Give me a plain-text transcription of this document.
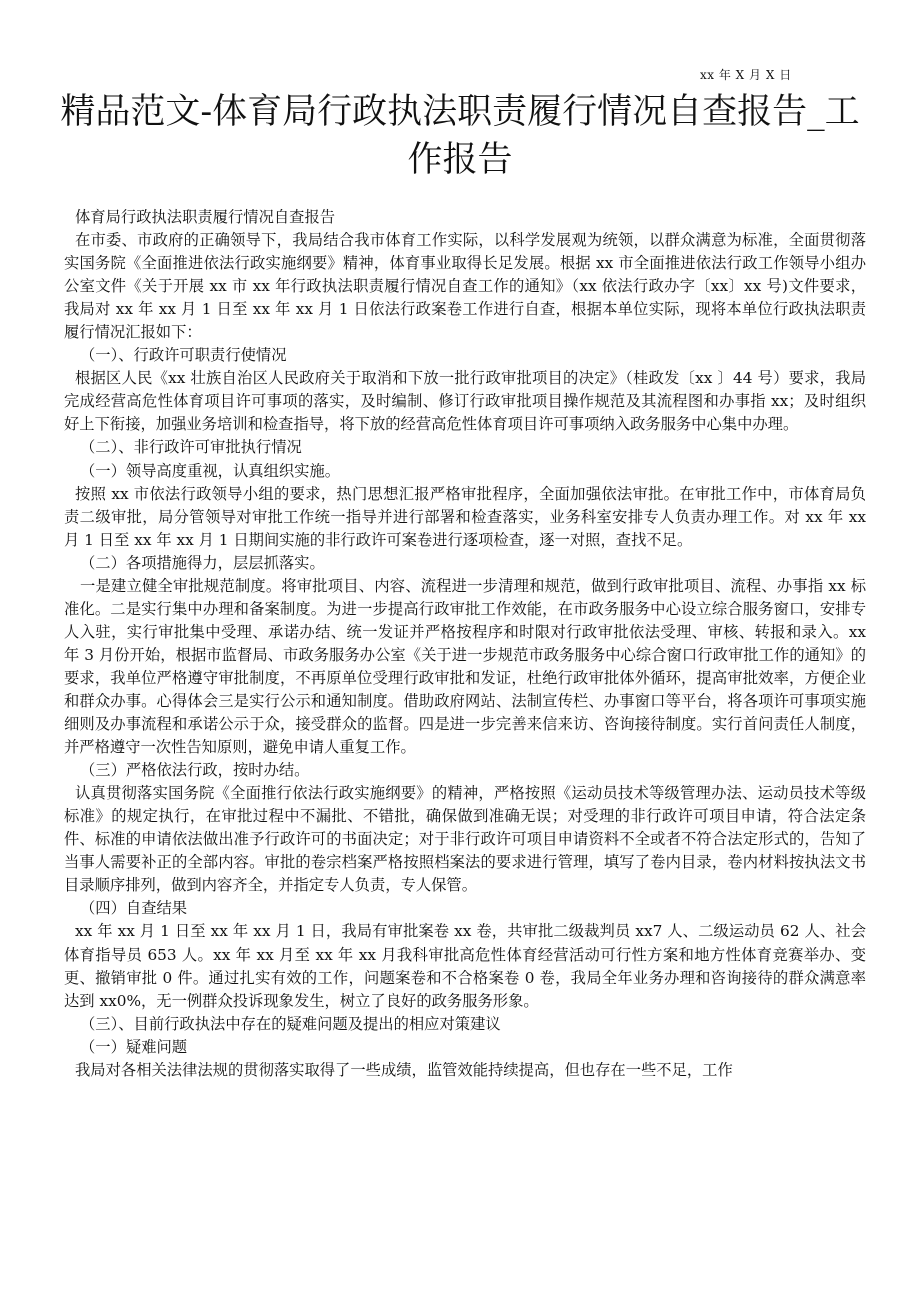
xx 年 X 月 X 日
精品范文-体育局行政执法职责履行情况自查报告_工作报告

体育局行政执法职责履行情况自查报告

在市委、市政府的正确领导下，我局结合我市体育工作实际，以科学发展观为统领，以群众满意为标准，全面贯彻落实国务院《全面推进依法行政实施纲要》精神，体育事业取得长足发展。根据 xx 市全面推进依法行政工作领导小组办公室文件《关于开展 xx 市 xx 年行政执法职责履行情况自查工作的通知》（xx 依法行政办字〔xx〕xx 号)文件要求，我局对 xx 年 xx 月 1 日至 xx 年 xx 月 1 日依法行政案卷工作进行自查，根据本单位实际，现将本单位行政执法职责履行情况汇报如下：

（一）、行政许可职责行使情况

根据区人民《xx 壮族自治区人民政府关于取消和下放一批行政审批项目的决定》（桂政发〔xx 〕44 号）要求，我局完成经营高危性体育项目许可事项的落实，及时编制、修订行政审批项目操作规范及其流程图和办事指 xx；及时组织好上下衔接，加强业务培训和检查指导，将下放的经营高危性体育项目许可事项纳入政务服务中心集中办理。

（二）、非行政许可审批执行情况

（一）领导高度重视，认真组织实施。

按照 xx 市依法行政领导小组的要求，热门思想汇报严格审批程序，全面加强依法审批。在审批工作中，市体育局负责二级审批，局分管领导对审批工作统一指导并进行部署和检查落实，业务科室安排专人负责办理工作。对 xx 年 xx 月 1 日至 xx 年 xx 月 1 日期间实施的非行政许可案卷进行逐项检查，逐一对照，查找不足。

（二）各项措施得力，层层抓落实。

一是建立健全审批规范制度。将审批项目、内容、流程进一步清理和规范，做到行政审批项目、流程、办事指 xx 标准化。二是实行集中办理和备案制度。为进一步提高行政审批工作效能，在市政务服务中心设立综合服务窗口，安排专人入驻，实行审批集中受理、承诺办结、统一发证并严格按程序和时限对行政审批依法受理、审核、转报和录入。xx 年 3 月份开始，根据市监督局、市政务服务办公室《关于进一步规范市政务服务中心综合窗口行政审批工作的通知》的要求，我单位严格遵守审批制度，不再原单位受理行政审批和发证，杜绝行政审批体外循环，提高审批效率，方便企业和群众办事。心得体会三是实行公示和通知制度。借助政府网站、法制宣传栏、办事窗口等平台，将各项许可事项实施细则及办事流程和承诺公示于众，接受群众的监督。四是进一步完善来信来访、咨询接待制度。实行首问责任人制度，并严格遵守一次性告知原则，避免申请人重复工作。

（三）严格依法行政，按时办结。

认真贯彻落实国务院《全面推行依法行政实施纲要》的精神，严格按照《运动员技术等级管理办法、运动员技术等级标准》的规定执行，在审批过程中不漏批、不错批，确保做到准确无误；对受理的非行政许可项目申请，符合法定条件、标准的申请依法做出准予行政许可的书面决定；对于非行政许可项目申请资料不全或者不符合法定形式的，告知了当事人需要补正的全部内容。审批的卷宗档案严格按照档案法的要求进行管理，填写了卷内目录，卷内材料按执法文书目录顺序排列，做到内容齐全，并指定专人负责，专人保管。

（四）自查结果

xx 年 xx 月 1 日至 xx 年 xx 月 1 日，我局有审批案卷 xx 卷，共审批二级裁判员 xx7 人、二级运动员 62 人、社会体育指导员 653 人。xx 年 xx 月至 xx 年 xx 月我科审批高危性体育经营活动可行性方案和地方性体育竞赛举办、变更、撤销审批 0 件。通过扎实有效的工作，问题案卷和不合格案卷 0 卷，我局全年业务办理和咨询接待的群众满意率达到 xx0%，无一例群众投诉现象发生，树立了良好的政务服务形象。

（三）、目前行政执法中存在的疑难问题及提出的相应对策建议

（一）疑难问题

我局对各相关法律法规的贯彻落实取得了一些成绩，监管效能持续提高，但也存在一些不足，工作
